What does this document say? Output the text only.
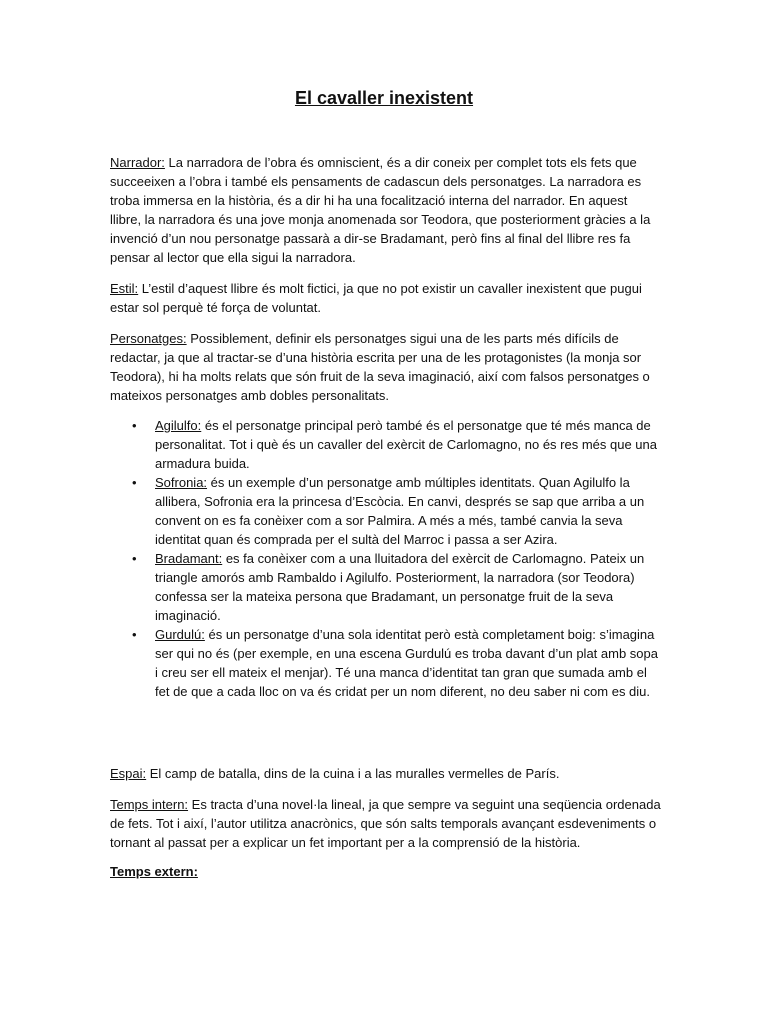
El cavaller inexistent

Narrador: La narradora de l’obra és omniscient, és a dir coneix per complet tots els fets que succeeixen a l’obra i també els pensaments de cadascun dels personatges. La narradora es troba immersa en la història, és a dir hi ha una focalització interna del narrador. En aquest llibre, la narradora és una jove monja anomenada sor Teodora, que posteriorment gràcies a la invenció d’un nou personatge passarà a dir-se Bradamant, però fins al final del llibre res fa pensar al lector que ella sigui la narradora.

Estil: L’estil d’aquest llibre és molt fictici, ja que no pot existir un cavaller inexistent que pugui estar sol perquè té força de voluntat.

Personatges: Possiblement, definir els personatges sigui una de les parts més difícils de redactar, ja que al tractar-se d’una història escrita per una de les protagonistes (la monja sor Teodora), hi ha molts relats que són fruit de la seva imaginació, així com falsos personatges o mateixos personatges amb dobles personalitats.

• Agilulfo: és el personatge principal però també és el personatge que té més manca de personalitat. Tot i què és un cavaller del exèrcit de Carlomagno, no és res més que una armadura buida.
• Sofronia: és un exemple d’un personatge amb múltiples identitats. Quan Agilulfo la allibera, Sofronia era la princesa d’Escòcia. En canvi, després se sap que arriba a un convent on es fa conèixer com a sor Palmira. A més a més, també canvia la seva identitat quan és comprada per el sultà del Marroc i passa a ser Azira.
• Bradamant: es fa conèixer com a una lluitadora del exèrcit de Carlomagno. Pateix un triangle amorós amb Rambaldo i Agilulfo. Posteriorment, la narradora (sor Teodora) confessa ser la mateixa persona que Bradamant, un personatge fruit de la seva imaginació.
• Gurdulú: és un personatge d’una sola identitat però està completament boig: s’imagina ser qui no és (per exemple, en una escena Gurdulú es troba davant d’un plat amb sopa i creu ser ell mateix el menjar). Té una manca d’identitat tan gran que sumada amb el fet de que a cada lloc on va és cridat per un nom diferent, no deu saber ni com es diu.

Espai: El camp de batalla, dins de la cuina i a las muralles vermelles de París.

Temps intern: Es tracta d’una novel·la lineal, ja que sempre va seguint una seqüencia ordenada de fets. Tot i així, l’autor utilitza anacrònics, que són salts temporals avançant esdeveniments o tornant al passat per a explicar un fet important per a la comprensió de la història.

Temps extern:
